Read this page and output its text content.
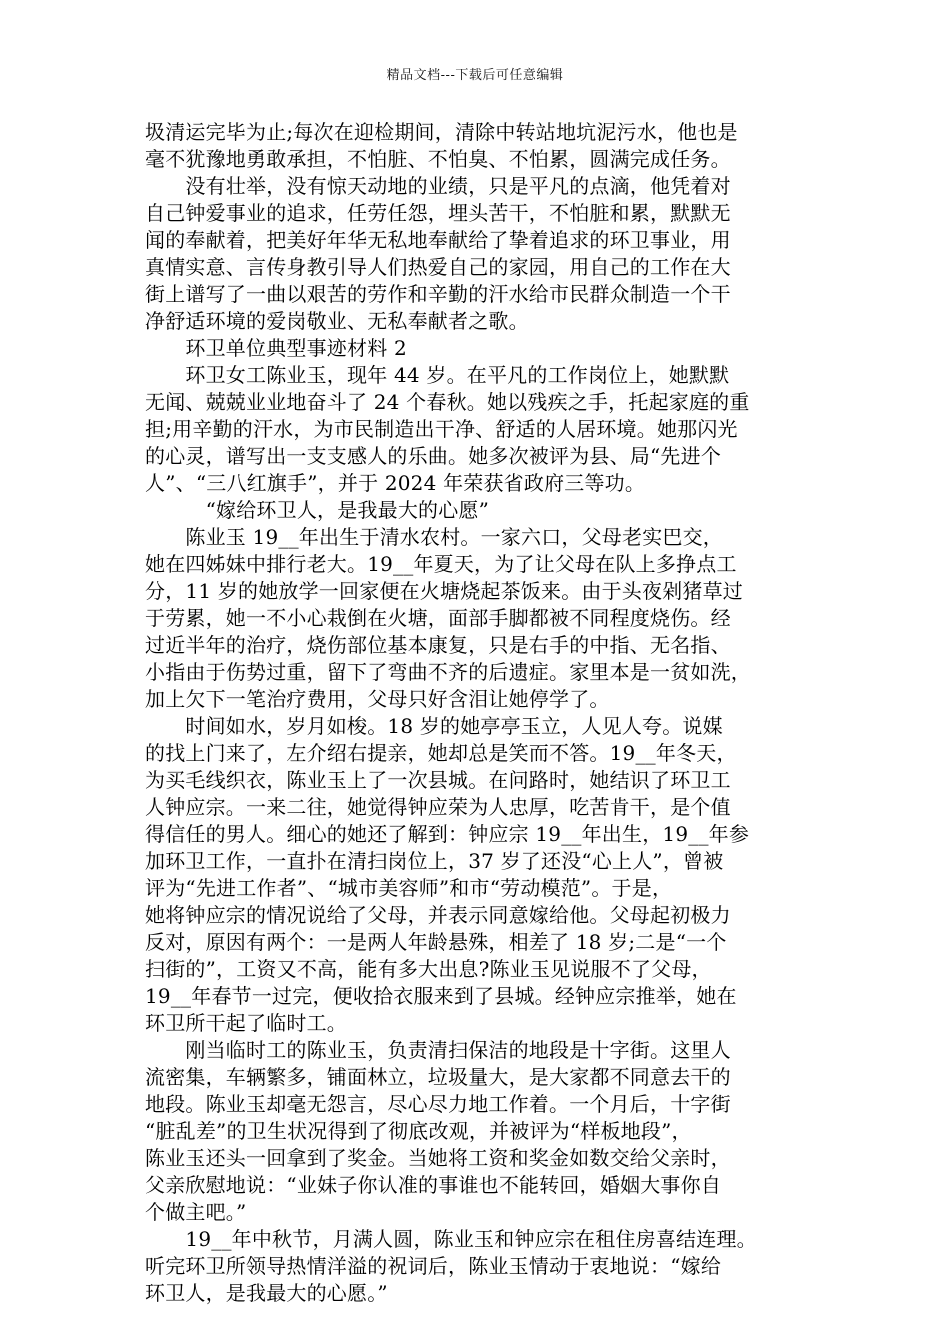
精品文档---下载后可任意编辑
圾清运完毕为止;每次在迎检期间，清除中转站地坑泥污水，他也是
毫不犹豫地勇敢承担，不怕脏、不怕臭、不怕累，圆满完成任务。
　　没有壮举，没有惊天动地的业绩，只是平凡的点滴，他凭着对
自己钟爱事业的追求，任劳任怨，埋头苦干，不怕脏和累，默默无
闻的奉献着，把美好年华无私地奉献给了挚着追求的环卫事业，用
真情实意、言传身教引导人们热爱自己的家园，用自己的工作在大
街上谱写了一曲以艰苦的劳作和辛勤的汗水给市民群众制造一个干
净舒适环境的爱岗敬业、无私奉献者之歌。
　　环卫单位典型事迹材料 2
　　环卫女工陈业玉，现年 44 岁。在平凡的工作岗位上，她默默
无闻、兢兢业业地奋斗了 24 个春秋。她以残疾之手，托起家庭的重
担;用辛勤的汗水，为市民制造出干净、舒适的人居环境。她那闪光
的心灵，谱写出一支支感人的乐曲。她多次被评为县、局“先进个
人”、“三八红旗手”，并于 2024 年荣获省政府三等功。
　　　“嫁给环卫人，是我最大的心愿”
　　陈业玉 19__年出生于清水农村。一家六口，父母老实巴交，
她在四姊妹中排行老大。19__年夏天，为了让父母在队上多挣点工
分，11 岁的她放学一回家便在火塘烧起茶饭来。由于头夜剁猪草过
于劳累，她一不小心栽倒在火塘，面部手脚都被不同程度烧伤。经
过近半年的治疗，烧伤部位基本康复，只是右手的中指、无名指、
小指由于伤势过重，留下了弯曲不齐的后遗症。家里本是一贫如洗，
加上欠下一笔治疗费用，父母只好含泪让她停学了。
　　时间如水，岁月如梭。18 岁的她亭亭玉立，人见人夸。说媒
的找上门来了，左介绍右提亲，她却总是笑而不答。19__年冬天，
为买毛线织衣，陈业玉上了一次县城。在问路时，她结识了环卫工
人钟应宗。一来二往，她觉得钟应荣为人忠厚，吃苦肯干，是个值
得信任的男人。细心的她还了解到：钟应宗 19__年出生，19__年参
加环卫工作，一直扑在清扫岗位上，37 岁了还没“心上人”，曾被
评为“先进工作者”、“城市美容师”和市“劳动模范”。于是，
她将钟应宗的情况说给了父母，并表示同意嫁给他。父母起初极力
反对，原因有两个：一是两人年龄悬殊，相差了 18 岁;二是“一个
扫街的”，工资又不高，能有多大出息?陈业玉见说服不了父母，
19__年春节一过完，便收拾衣服来到了县城。经钟应宗推举，她在
环卫所干起了临时工。
　　刚当临时工的陈业玉，负责清扫保洁的地段是十字街。这里人
流密集，车辆繁多，铺面林立，垃圾量大，是大家都不同意去干的
地段。陈业玉却毫无怨言，尽心尽力地工作着。一个月后，十字街
“脏乱差”的卫生状况得到了彻底改观，并被评为“样板地段”，
陈业玉还头一回拿到了奖金。当她将工资和奖金如数交给父亲时，
父亲欣慰地说：“业妹子你认准的事谁也不能转回，婚姻大事你自
个做主吧。”
　　19__年中秋节，月满人圆，陈业玉和钟应宗在租住房喜结连理。
听完环卫所领导热情洋溢的祝词后，陈业玉情动于衷地说：“嫁给
环卫人，是我最大的心愿。”
